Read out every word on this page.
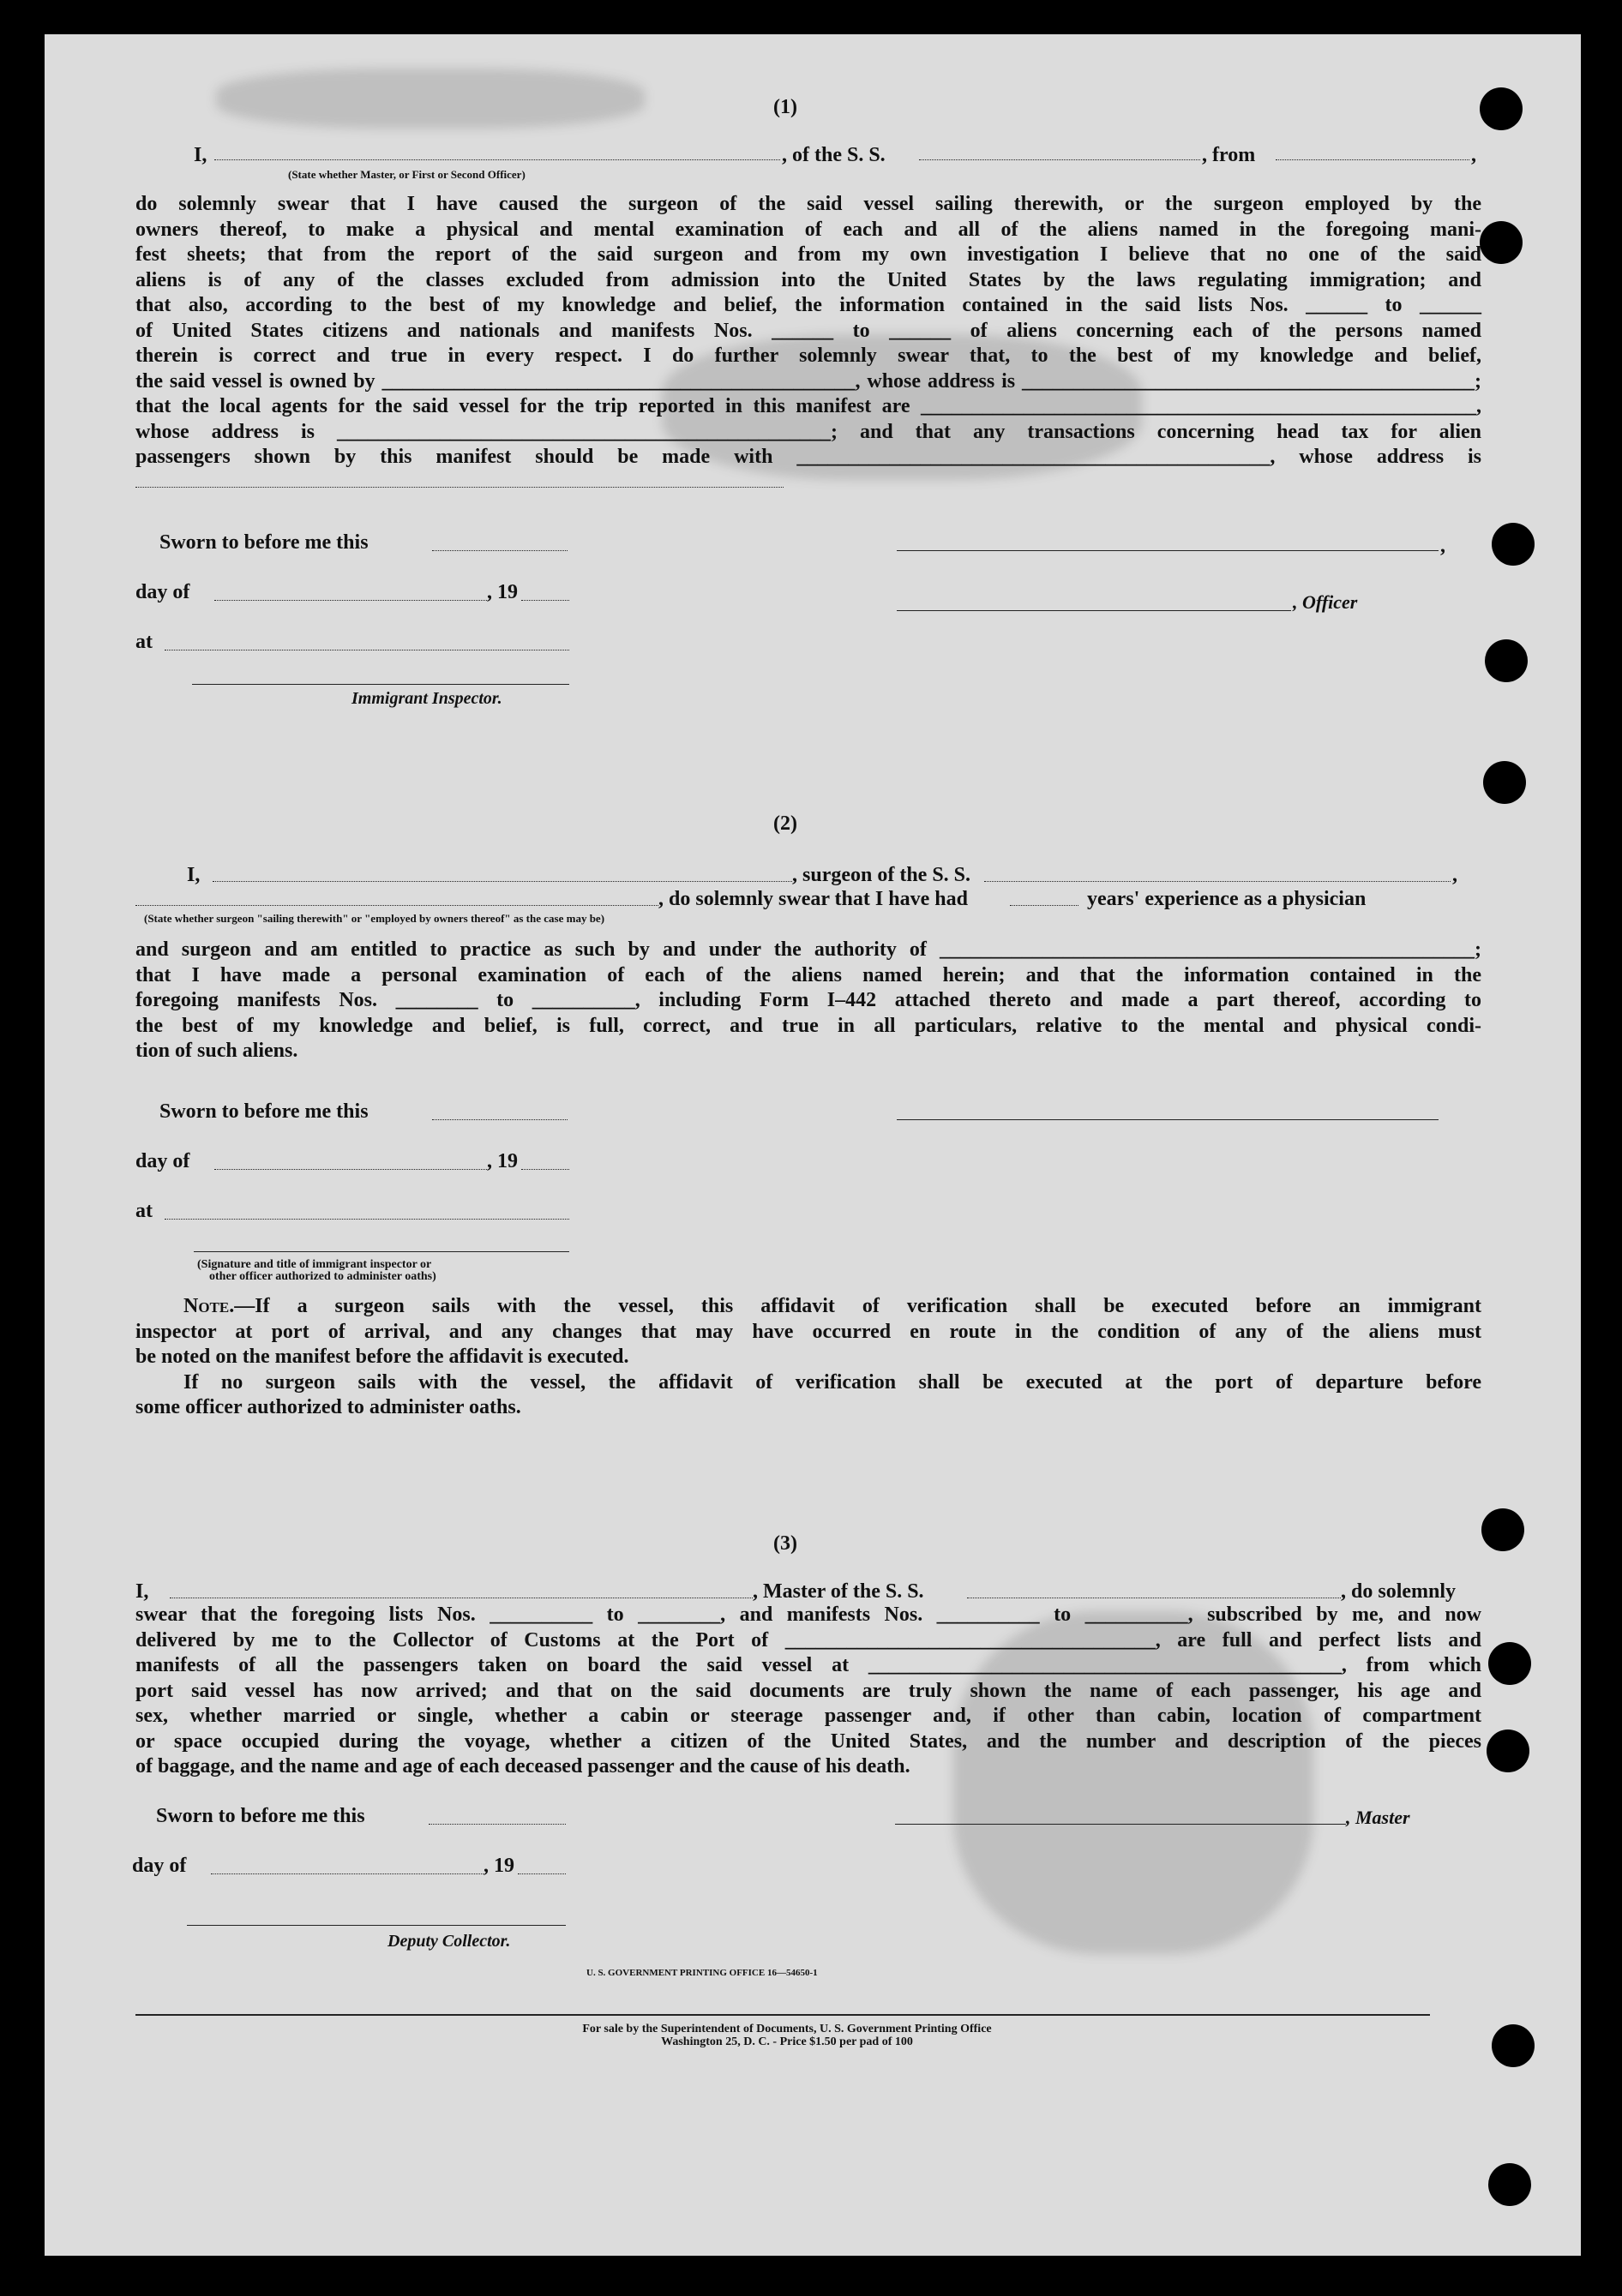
(1)
I,	, of the S. S.	, from	,
(State whether Master, or First or Second Officer)
do solemnly swear that I have caused the surgeon of the said vessel sailing therewith, or the surgeon employed by the
owners thereof, to make a physical and mental examination of each and all of the aliens named in the foregoing mani-
fest sheets; that from the report of the said surgeon and from my own investigation I believe that no one of the said
aliens is of any of the classes excluded from admission into the United States by the laws regulating immigration; and
that also, according to the best of my knowledge and belief, the information contained in the said lists Nos. ______ to ______
of United States citizens and nationals and manifests Nos. ______ to ______ of aliens concerning each of the persons named
therein is correct and true in every respect. I do further solemnly swear that, to the best of my knowledge and belief,
the said vessel is owned by ______________________________________________, whose address is ____________________________________________;
that the local agents for the said vessel for the trip reported in this manifest are ______________________________________________________,
whose address is ________________________________________________; and that any transactions concerning head tax for alien
passengers shown by this manifest should be made with ______________________________________________, whose address is
Sworn to before me this	,
day of	, 19	, Officer
at
Immigrant Inspector.
(2)
I,	, surgeon of the S. S.	,
, do solemnly swear that I have had	years' experience as a physician
(State whether surgeon "sailing therewith" or "employed by owners thereof" as the case may be)
and surgeon and am entitled to practice as such by and under the authority of ____________________________________________________;
that I have made a personal examination of each of the aliens named herein; and that the information contained in the
foregoing manifests Nos. ________ to __________, including Form I–442 attached thereto and made a part thereof, according to
the best of my knowledge and belief, is full, correct, and true in all particulars, relative to the mental and physical condi-
tion of such aliens.
Sworn to before me this
day of	, 19
at
(Signature and title of immigrant inspector or
other officer authorized to administer oaths)
Note.—If a surgeon sails with the vessel, this affidavit of verification shall be executed before an immigrant
inspector at port of arrival, and any changes that may have occurred en route in the condition of any of the aliens must
be noted on the manifest before the affidavit is executed.
If no surgeon sails with the vessel, the affidavit of verification shall be executed at the port of departure before
some officer authorized to administer oaths.
(3)
I,	, Master of the S. S.	, do solemnly
swear that the foregoing lists Nos. __________ to ________, and manifests Nos. __________ to __________, subscribed by me, and now
delivered by me to the Collector of Customs at the Port of ____________________________________, are full and perfect lists and
manifests of all the passengers taken on board the said vessel at ______________________________________________, from which
port said vessel has now arrived; and that on the said documents are truly shown the name of each passenger, his age and
sex, whether married or single, whether a cabin or steerage passenger and, if other than cabin, location of compartment
or space occupied during the voyage, whether a citizen of the United States, and the number and description of the pieces
of baggage, and the name and age of each deceased passenger and the cause of his death.
Sworn to before me this	, Master
day of	, 19
Deputy Collector.
U. S. GOVERNMENT PRINTING OFFICE 16—54650-1
For sale by the Superintendent of Documents, U. S. Government Printing Office
Washington 25, D. C. - Price $1.50 per pad of 100
